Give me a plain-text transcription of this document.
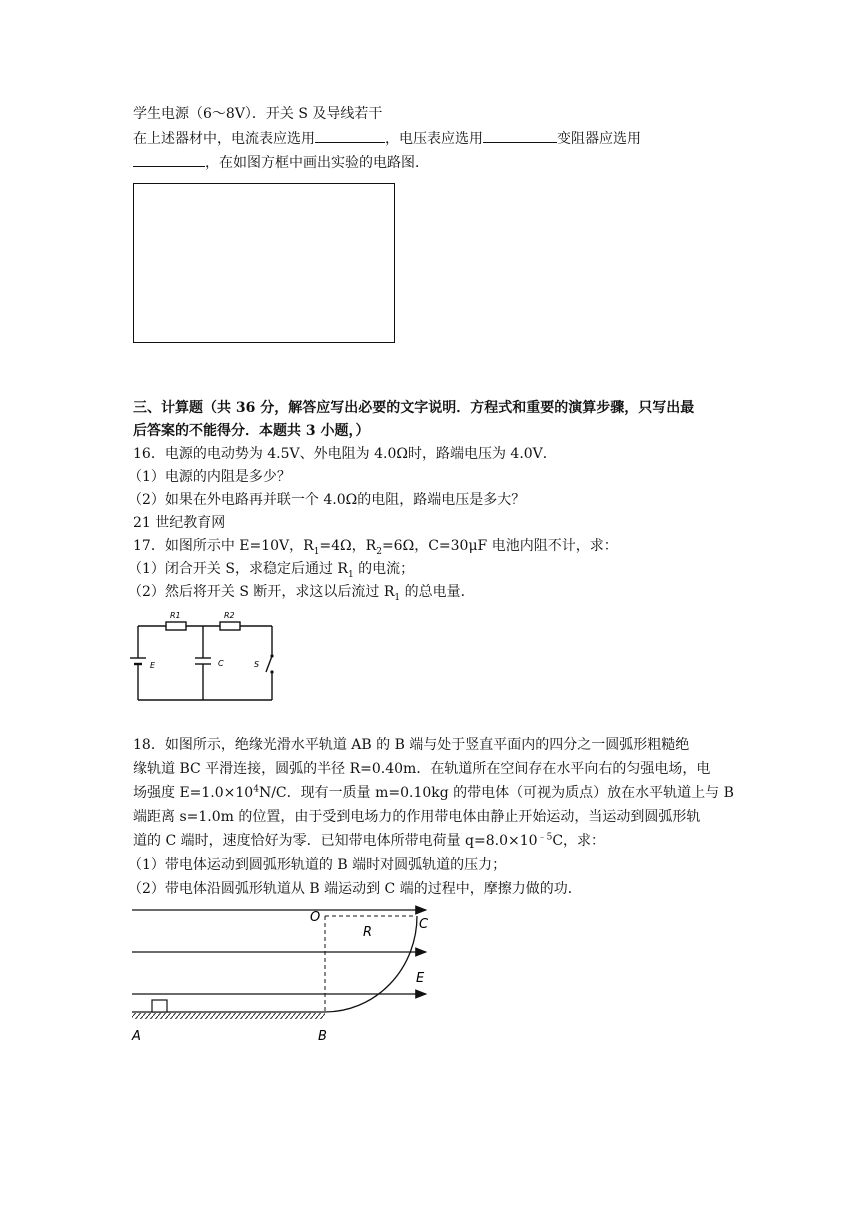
学生电源（6～8V）．开关 S 及导线若干
在上述器材中，电流表应选用	，电压表应选用	变阻器应选用
，在如图方框中画出实验的电路图．
三、计算题（共 36 分，解答应写出必要的文字说明．方程式和重要的演算步骤，只写出最
后答案的不能得分．本题共 3 小题，）
16．电源的电动势为 4.5V、外电阻为 4.0Ω时，路端电压为 4.0V．
（1）电源的内阻是多少？
（2）如果在外电路再并联一个 4.0Ω的电阻，路端电压是多大？
21 世纪教育网
17．如图所示中 E=10V，$R_1=4\Omega$，$R_2=6\Omega$，C=30μF 电池内阻不计，求：
（1）闭合开关 S，求稳定后通过 $R_1$ 的电流；
（2）然后将开关 S 断开，求这以后流过 $R_1$ 的总电量．
R1	R2
E	C	S
18．如图所示，绝缘光滑水平轨道 AB 的 B 端与处于竖直平面内的四分之一圆弧形粗糙绝
缘轨道 BC 平滑连接，圆弧的半径 R=0.40m．在轨道所在空间存在水平向右的匀强电场，电
场强度 $E=1.0\times 10^4N/C$．现有一质量 m=0.10kg 的带电体（可视为质点）放在水平轨道上与 B
端距离 s=1.0m 的位置，由于受到电场力的作用带电体由静止开始运动，当运动到圆弧形轨
道的 C 端时，速度恰好为零．已知带电体所带电荷量 $q=8.0\times 10^{﹣5}C$，求：
（1）带电体运动到圆弧形轨道的 B 端时对圆弧轨道的压力；
（2）带电体沿圆弧形轨道从 B 端运动到 C 端的过程中，摩擦力做的功．
O	C
R
E
A	B
